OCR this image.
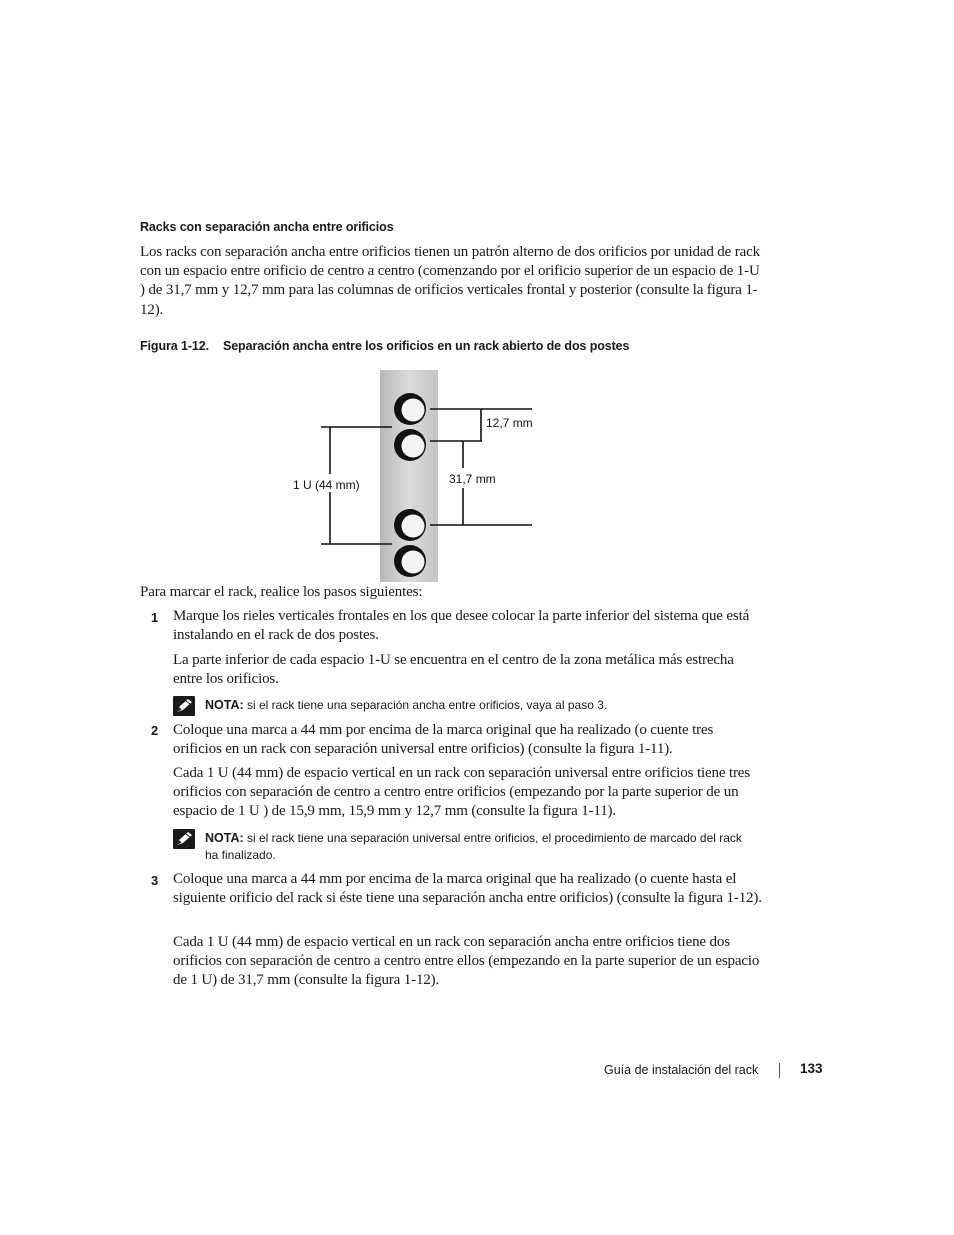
Racks con separación ancha entre orificios
Los racks con separación ancha entre orificios tienen un patrón alterno de dos orificios por unidad de rack con un espacio entre orificio de centro a centro (comenzando por el orificio superior de un espacio de 1-U ) de 31,7 mm y 12,7 mm para las columnas de orificios verticales frontal y posterior (consulte la figura 1-12).
Figura 1-12. Separación ancha entre los orificios en un rack abierto de dos postes
12,7 mm
31,7 mm
1 U (44 mm)
Para marcar el rack, realice los pasos siguientes:
1 Marque los rieles verticales frontales en los que desee colocar la parte inferior del sistema que está instalando en el rack de dos postes.
La parte inferior de cada espacio 1-U se encuentra en el centro de la zona metálica más estrecha entre los orificios.
NOTA: si el rack tiene una separación ancha entre orificios, vaya al paso 3.
2 Coloque una marca a 44 mm por encima de la marca original que ha realizado (o cuente tres orificios en un rack con separación universal entre orificios) (consulte la figura 1-11).
Cada 1 U (44 mm) de espacio vertical en un rack con separación universal entre orificios tiene tres orificios con separación de centro a centro entre orificios (empezando por la parte superior de un espacio de 1 U ) de 15,9 mm, 15,9 mm y 12,7 mm (consulte la figura 1-11).
NOTA: si el rack tiene una separación universal entre orificios, el procedimiento de marcado del rack ha finalizado.
3 Coloque una marca a 44 mm por encima de la marca original que ha realizado (o cuente hasta el siguiente orificio del rack si éste tiene una separación ancha entre orificios) (consulte la figura 1-12).
Cada 1 U (44 mm) de espacio vertical en un rack con separación ancha entre orificios tiene dos orificios con separación de centro a centro entre ellos (empezando en la parte superior de un espacio de 1 U) de 31,7 mm (consulte la figura 1-12).
Guía de instalación del rack	133
